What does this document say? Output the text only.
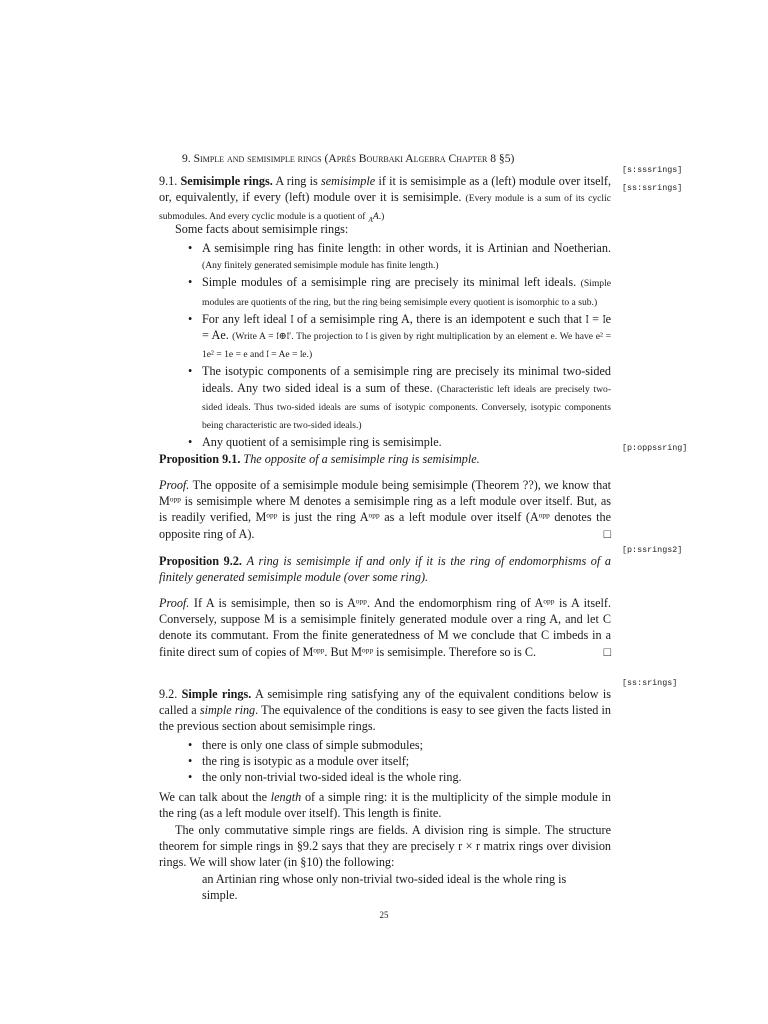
9. Simple and semisimple rings (Après Bourbaki Algebra Chapter 8 §5)
[s:sssrings]
[ss:ssrings]
9.1. Semisimple rings. A ring is semisimple if it is semisimple as a (left) module over itself, or, equivalently, if every (left) module over it is semisimple. (Every module is a sum of its cyclic submodules. And every cyclic module is a quotient of $_A$A.)
Some facts about semisimple rings:
• A semisimple ring has finite length: in other words, it is Artinian and Noetherian. (Any finitely generated semisimple module has finite length.)
• Simple modules of a semisimple ring are precisely its minimal left ideals. (Simple modules are quotients of the ring, but the ring being semisimple every quotient is isomorphic to a sub.)
• For any left ideal 𝔩 of a semisimple ring A, there is an idempotent e such that 𝔩 = 𝔩e = Ae. (Write A = 𝔩⊕𝔩′. The projection to 𝔩 is given by right multiplication by an element e. We have e² = 1e² = 1e = e and 𝔩 = Ae = 𝔩e.)
• The isotypic components of a semisimple ring are precisely its minimal two-sided ideals. Any two sided ideal is a sum of these. (Characteristic left ideals are precisely two-sided ideals. Thus two-sided ideals are sums of isotypic components. Conversely, isotypic components being characteristic are two-sided ideals.)
• Any quotient of a semisimple ring is semisimple.	[p:oppssring]
Proposition 9.1. The opposite of a semisimple ring is semisimple.
Proof. The opposite of a semisimple module being semisimple (Theorem ??), we know that Mᵒᵖᵖ is semisimple where M denotes a semisimple ring as a left module over itself. But, as is readily verified, Mᵒᵖᵖ is just the ring Aᵒᵖᵖ as a left module over itself (Aᵒᵖᵖ denotes the opposite ring of A).	□
[p:ssrings2]
Proposition 9.2. A ring is semisimple if and only if it is the ring of endomorphisms of a finitely generated semisimple module (over some ring).
Proof. If A is semisimple, then so is Aᵒᵖᵖ. And the endomorphism ring of Aᵒᵖᵖ is A itself. Conversely, suppose M is a semisimple finitely generated module over a ring A, and let C denote its commutant. From the finite generatedness of M we conclude that C imbeds in a finite direct sum of copies of Mᵒᵖᵖ. But Mᵒᵖᵖ is semisimple. Therefore so is C.	□
[ss:srings]
9.2. Simple rings. A semisimple ring satisfying any of the equivalent conditions below is called a simple ring. The equivalence of the conditions is easy to see given the facts listed in the previous section about semisimple rings.
• there is only one class of simple submodules;
• the ring is isotypic as a module over itself;
• the only non-trivial two-sided ideal is the whole ring.
We can talk about the length of a simple ring: it is the multiplicity of the simple module in the ring (as a left module over itself). This length is finite.
The only commutative simple rings are fields. A division ring is simple. The structure theorem for simple rings in §9.2 says that they are precisely r × r matrix rings over division rings. We will show later (in §10) the following:
an Artinian ring whose only non-trivial two-sided ideal is the whole ring is simple.
25
